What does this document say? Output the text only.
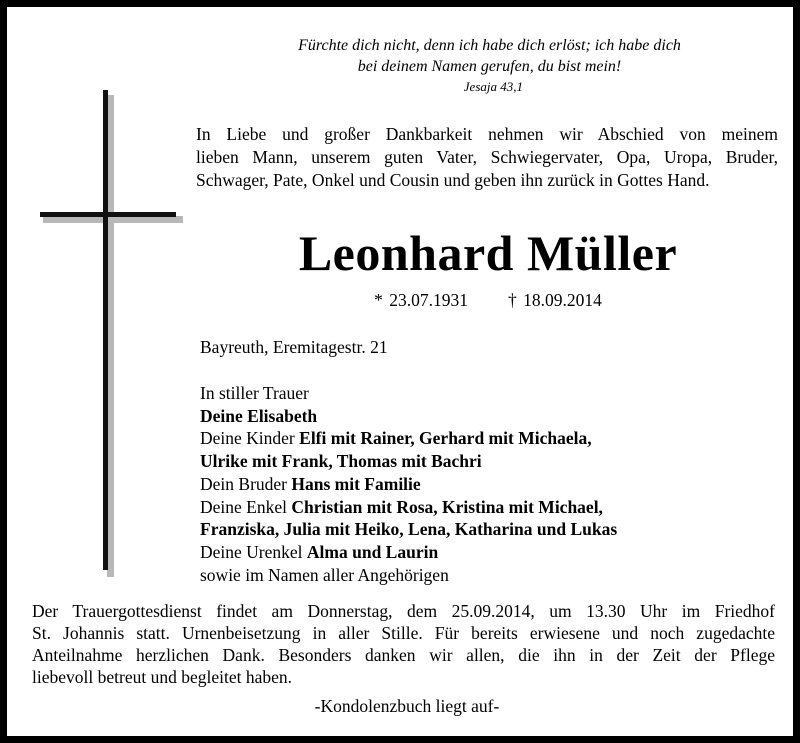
Fürchte dich nicht, denn ich habe dich erlöst; ich habe dich
bei deinem Namen gerufen, du bist mein!
Jesaja 43,1
In Liebe und großer Dankbarkeit nehmen wir Abschied von meinem
lieben Mann, unserem guten Vater, Schwiegervater, Opa, Uropa, Bruder,
Schwager, Pate, Onkel und Cousin und geben ihn zurück in Gottes Hand.
Leonhard Müller
* 23.07.1931 † 18.09.2014
Bayreuth, Eremitagestr. 21
In stiller Trauer
Deine Elisabeth
Deine Kinder Elfi mit Rainer, Gerhard mit Michaela,
Ulrike mit Frank, Thomas mit Bachri
Dein Bruder Hans mit Familie
Deine Enkel Christian mit Rosa, Kristina mit Michael,
Franziska, Julia mit Heiko, Lena, Katharina und Lukas
Deine Urenkel Alma und Laurin
sowie im Namen aller Angehörigen
Der Trauergottesdienst findet am Donnerstag, dem 25.09.2014, um 13.30 Uhr im Friedhof
St. Johannis statt. Urnenbeisetzung in aller Stille. Für bereits erwiesene und noch zugedachte
Anteilnahme herzlichen Dank. Besonders danken wir allen, die ihn in der Zeit der Pflege
liebevoll betreut und begleitet haben.
-Kondolenzbuch liegt auf-
